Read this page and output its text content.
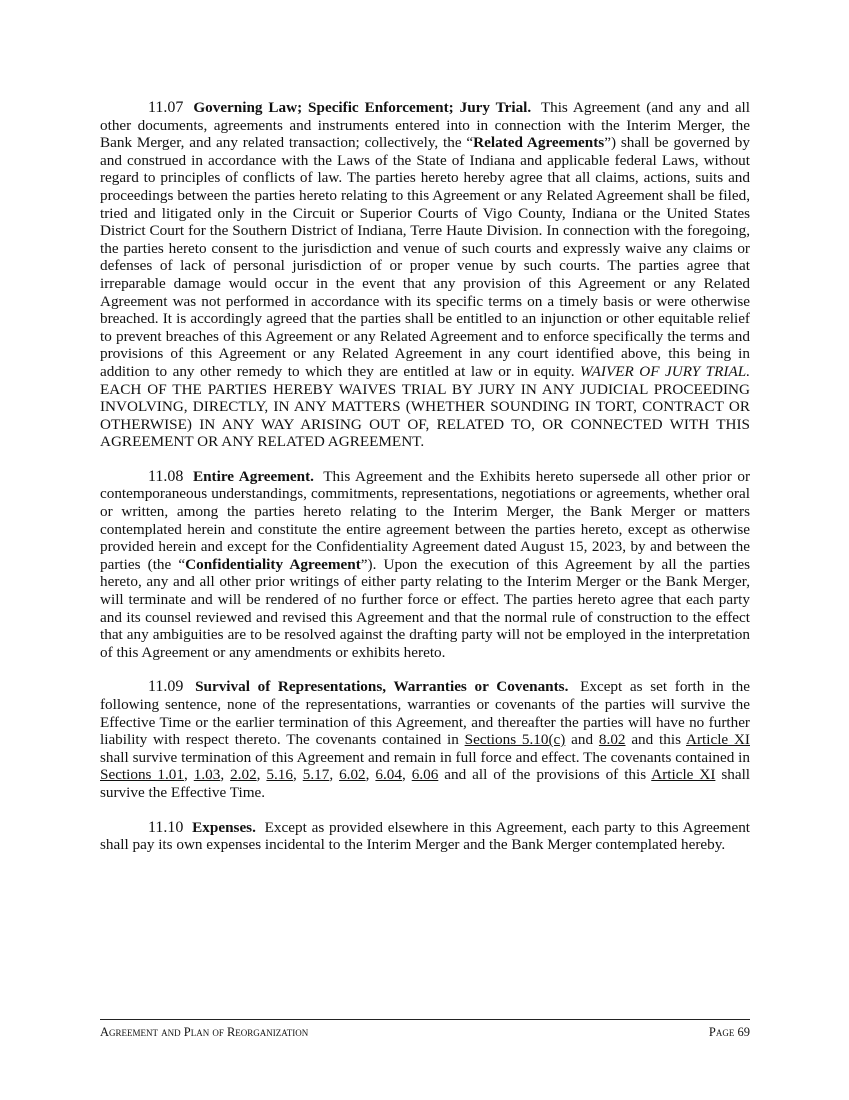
11.07 Governing Law; Specific Enforcement; Jury Trial. This Agreement (and any and all other documents, agreements and instruments entered into in connection with the Interim Merger, the Bank Merger, and any related transaction; collectively, the “Related Agreements”) shall be governed by and construed in accordance with the Laws of the State of Indiana and applicable federal Laws, without regard to principles of conflicts of law. The parties hereto hereby agree that all claims, actions, suits and proceedings between the parties hereto relating to this Agreement or any Related Agreement shall be filed, tried and litigated only in the Circuit or Superior Courts of Vigo County, Indiana or the United States District Court for the Southern District of Indiana, Terre Haute Division. In connection with the foregoing, the parties hereto consent to the jurisdiction and venue of such courts and expressly waive any claims or defenses of lack of personal jurisdiction of or proper venue by such courts. The parties agree that irreparable damage would occur in the event that any provision of this Agreement or any Related Agreement was not performed in accordance with its specific terms on a timely basis or were otherwise breached. It is accordingly agreed that the parties shall be entitled to an injunction or other equitable relief to prevent breaches of this Agreement or any Related Agreement and to enforce specifically the terms and provisions of this Agreement or any Related Agreement in any court identified above, this being in addition to any other remedy to which they are entitled at law or in equity. WAIVER OF JURY TRIAL. EACH OF THE PARTIES HEREBY WAIVES TRIAL BY JURY IN ANY JUDICIAL PROCEEDING INVOLVING, DIRECTLY, IN ANY MATTERS (WHETHER SOUNDING IN TORT, CONTRACT OR OTHERWISE) IN ANY WAY ARISING OUT OF, RELATED TO, OR CONNECTED WITH THIS AGREEMENT OR ANY RELATED AGREEMENT.

11.08 Entire Agreement. This Agreement and the Exhibits hereto supersede all other prior or contemporaneous understandings, commitments, representations, negotiations or agreements, whether oral or written, among the parties hereto relating to the Interim Merger, the Bank Merger or matters contemplated herein and constitute the entire agreement between the parties hereto, except as otherwise provided herein and except for the Confidentiality Agreement dated August 15, 2023, by and between the parties (the “Confidentiality Agreement”). Upon the execution of this Agreement by all the parties hereto, any and all other prior writings of either party relating to the Interim Merger or the Bank Merger, will terminate and will be rendered of no further force or effect. The parties hereto agree that each party and its counsel reviewed and revised this Agreement and that the normal rule of construction to the effect that any ambiguities are to be resolved against the drafting party will not be employed in the interpretation of this Agreement or any amendments or exhibits hereto.

11.09 Survival of Representations, Warranties or Covenants. Except as set forth in the following sentence, none of the representations, warranties or covenants of the parties will survive the Effective Time or the earlier termination of this Agreement, and thereafter the parties will have no further liability with respect thereto. The covenants contained in Sections 5.10(c) and 8.02 and this Article XI shall survive termination of this Agreement and remain in full force and effect. The covenants contained in Sections 1.01, 1.03, 2.02, 5.16, 5.17, 6.02, 6.04, 6.06 and all of the provisions of this Article XI shall survive the Effective Time.

11.10 Expenses. Except as provided elsewhere in this Agreement, each party to this Agreement shall pay its own expenses incidental to the Interim Merger and the Bank Merger contemplated hereby.

Agreement and Plan of Reorganization	Page 69
